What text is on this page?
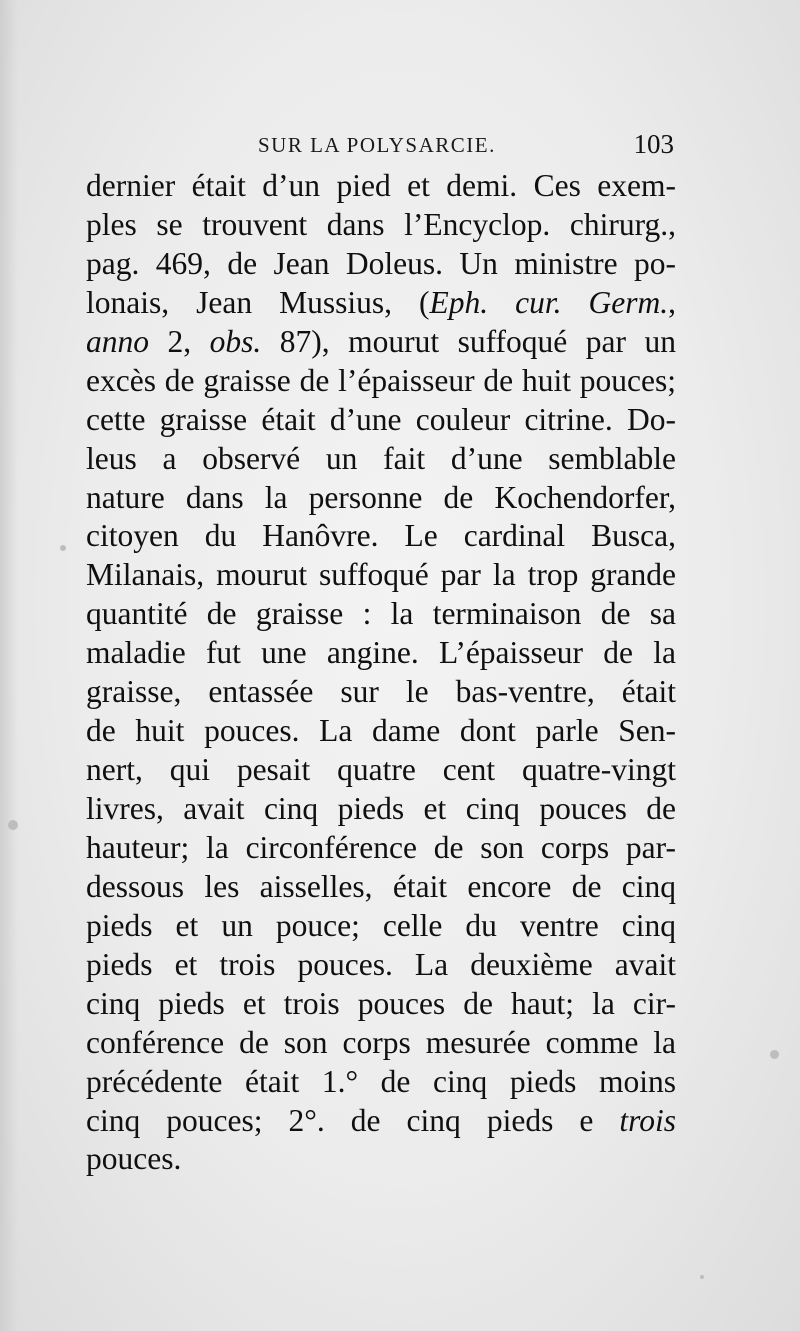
SUR LA POLYSARCIE.	103
dernier était d’un pied et demi. Ces exem-
ples se trouvent dans l’Encyclop. chirurg.,
pag. 469, de Jean Doleus. Un ministre po-
lonais, Jean Mussius, (Eph. cur. Germ.,
anno 2, obs. 87), mourut suffoqué par un
excès de graisse de l’épaisseur de huit pouces;
cette graisse était d’une couleur citrine. Do-
leus a observé un fait d’une semblable
nature dans la personne de Kochendorfer,
citoyen du Hanôvre. Le cardinal Busca,
Milanais, mourut suffoqué par la trop grande
quantité de graisse : la terminaison de sa
maladie fut une angine. L’épaisseur de la
graisse, entassée sur le bas-ventre, était
de huit pouces. La dame dont parle Sen-
nert, qui pesait quatre cent quatre-vingt
livres, avait cinq pieds et cinq pouces de
hauteur; la circonférence de son corps par-
dessous les aisselles, était encore de cinq
pieds et un pouce; celle du ventre cinq
pieds et trois pouces. La deuxième avait
cinq pieds et trois pouces de haut; la cir-
conférence de son corps mesurée comme la
précédente était 1.° de cinq pieds moins
cinq pouces; 2°. de cinq pieds e trois
pouces.
